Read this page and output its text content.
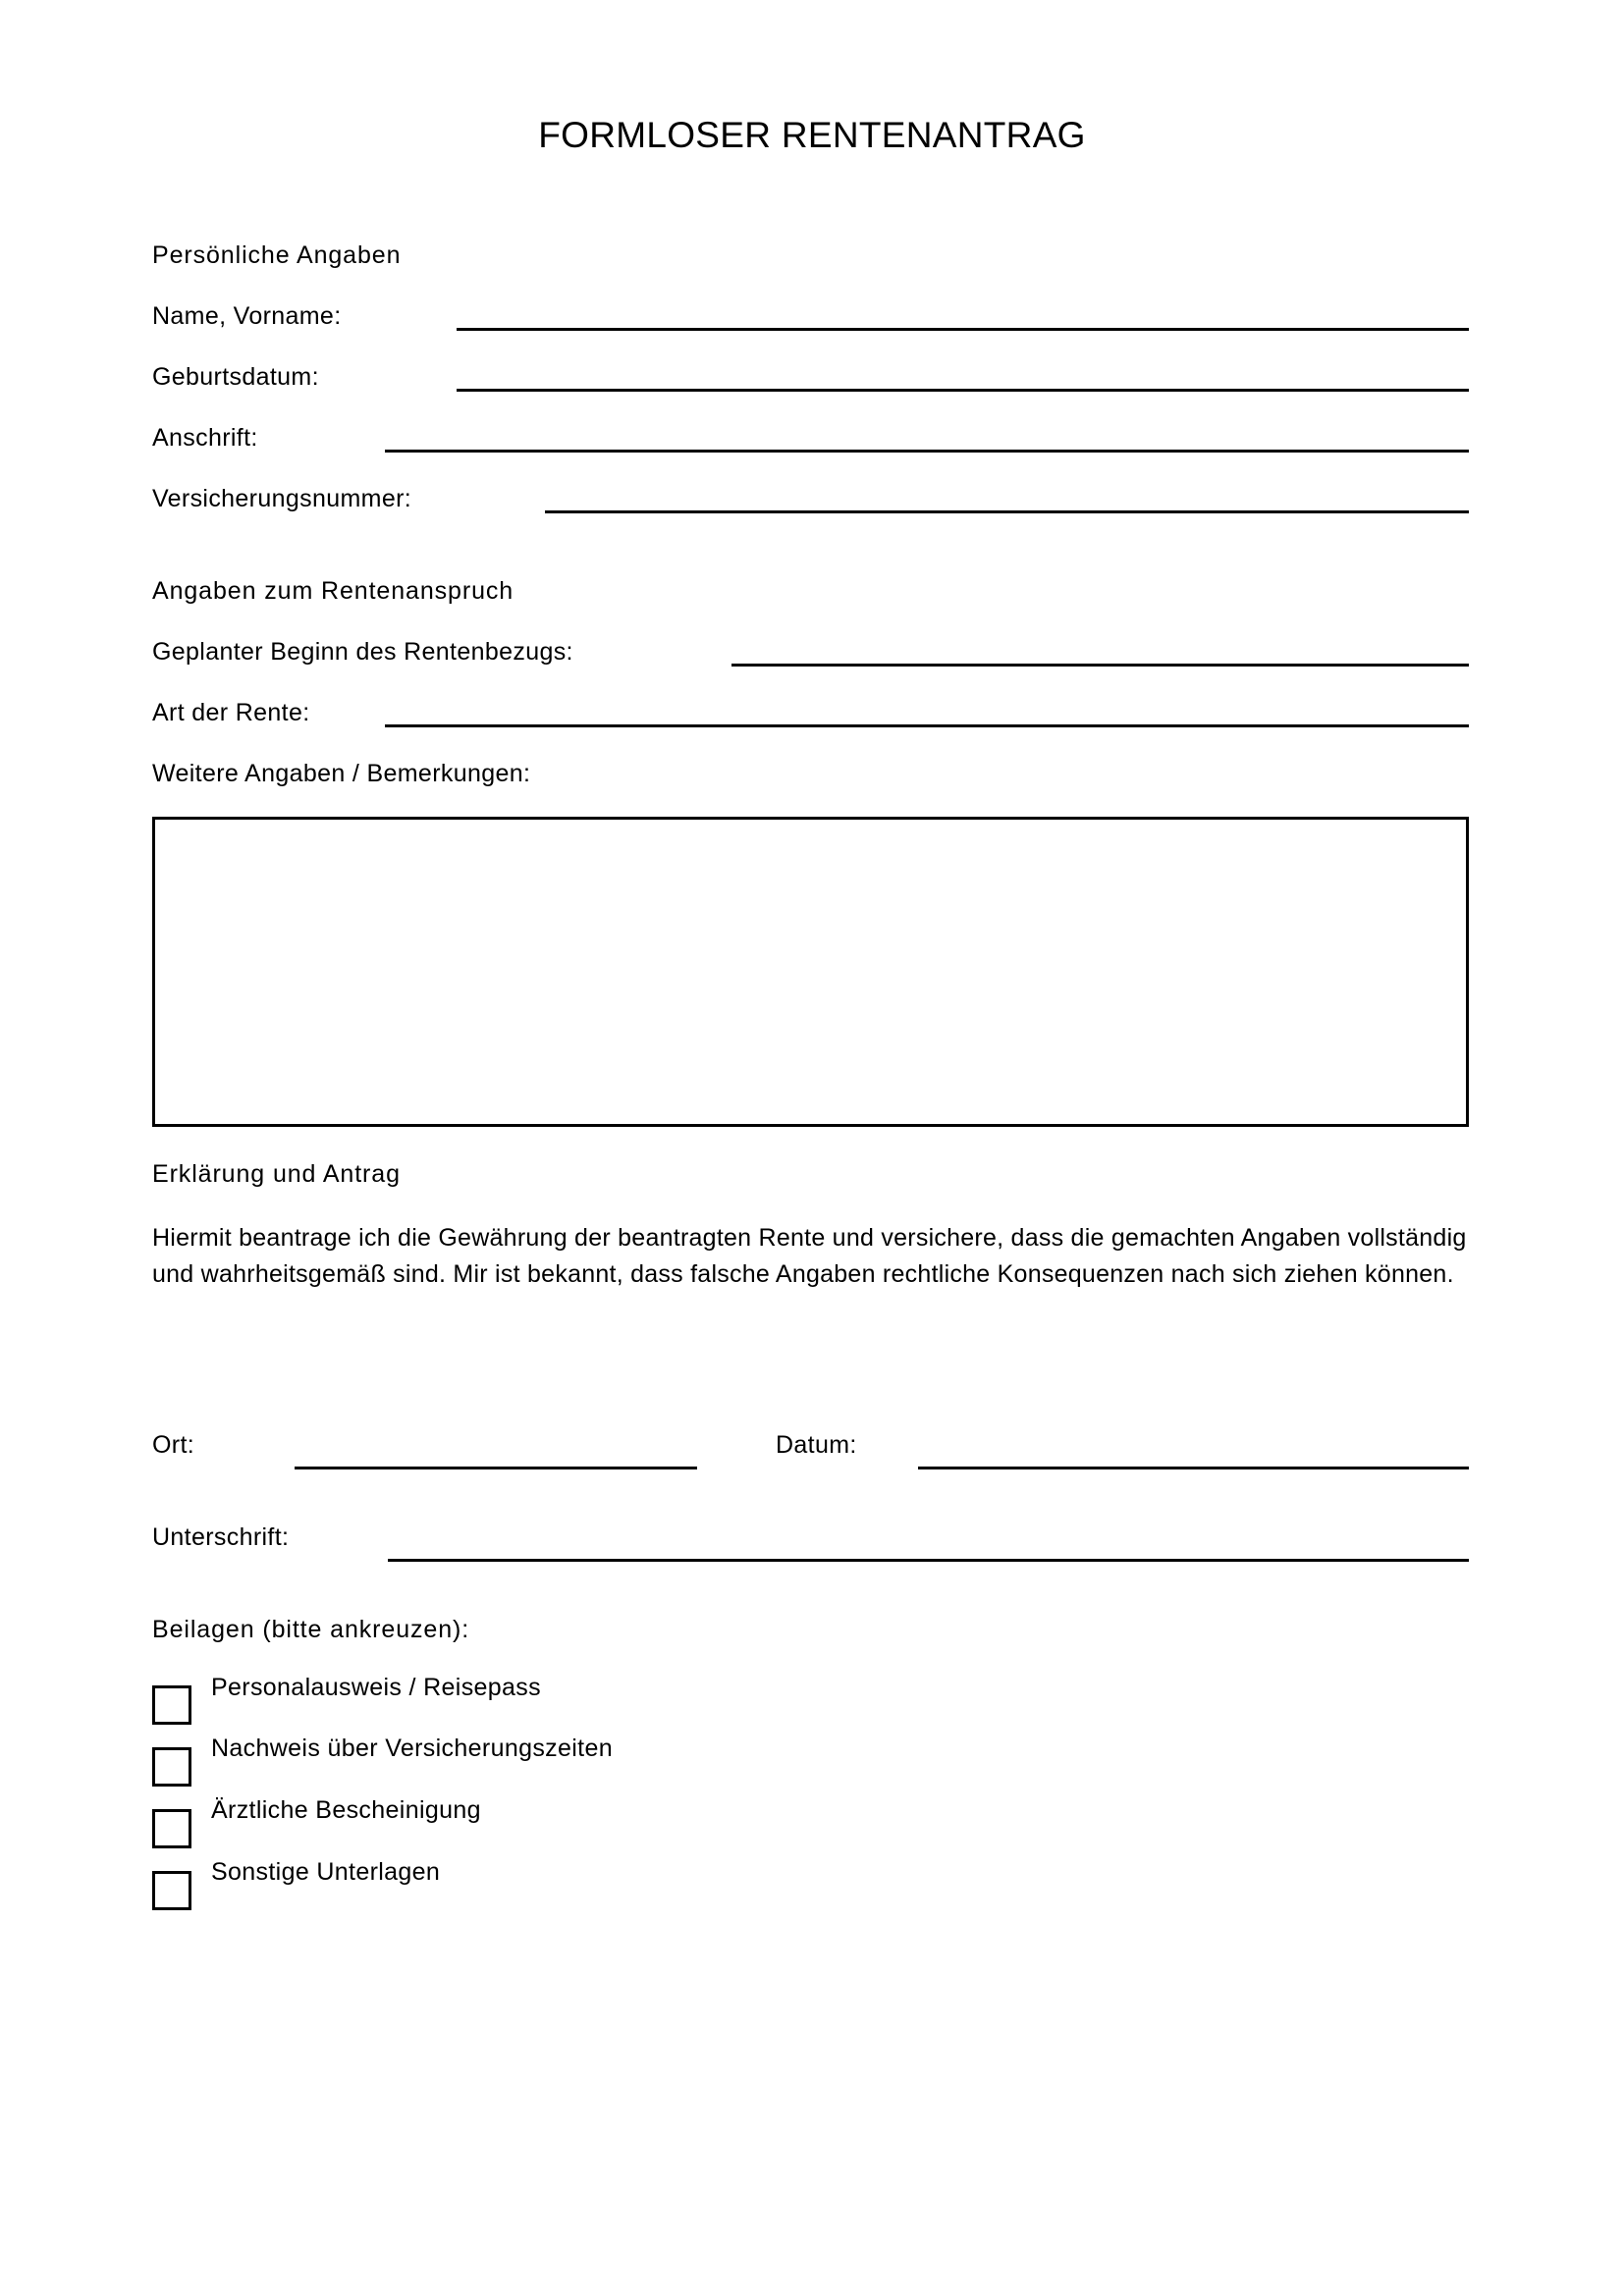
FORMLOSER RENTENANTRAG
Persönliche Angaben
Name, Vorname:
Geburtsdatum:
Anschrift:
Versicherungsnummer:
Angaben zum Rentenanspruch
Geplanter Beginn des Rentenbezugs:
Art der Rente:
Weitere Angaben / Bemerkungen:
Erklärung und Antrag
Hiermit beantrage ich die Gewährung der beantragten Rente und versichere, dass die gemachten Angaben vollständig und wahrheitsgemäß sind. Mir ist bekannt, dass falsche Angaben rechtliche Konsequenzen nach sich ziehen können.
Ort:	Datum:
Unterschrift:
Beilagen (bitte ankreuzen):
Personalausweis / Reisepass
Nachweis über Versicherungszeiten
Ärztliche Bescheinigung
Sonstige Unterlagen
